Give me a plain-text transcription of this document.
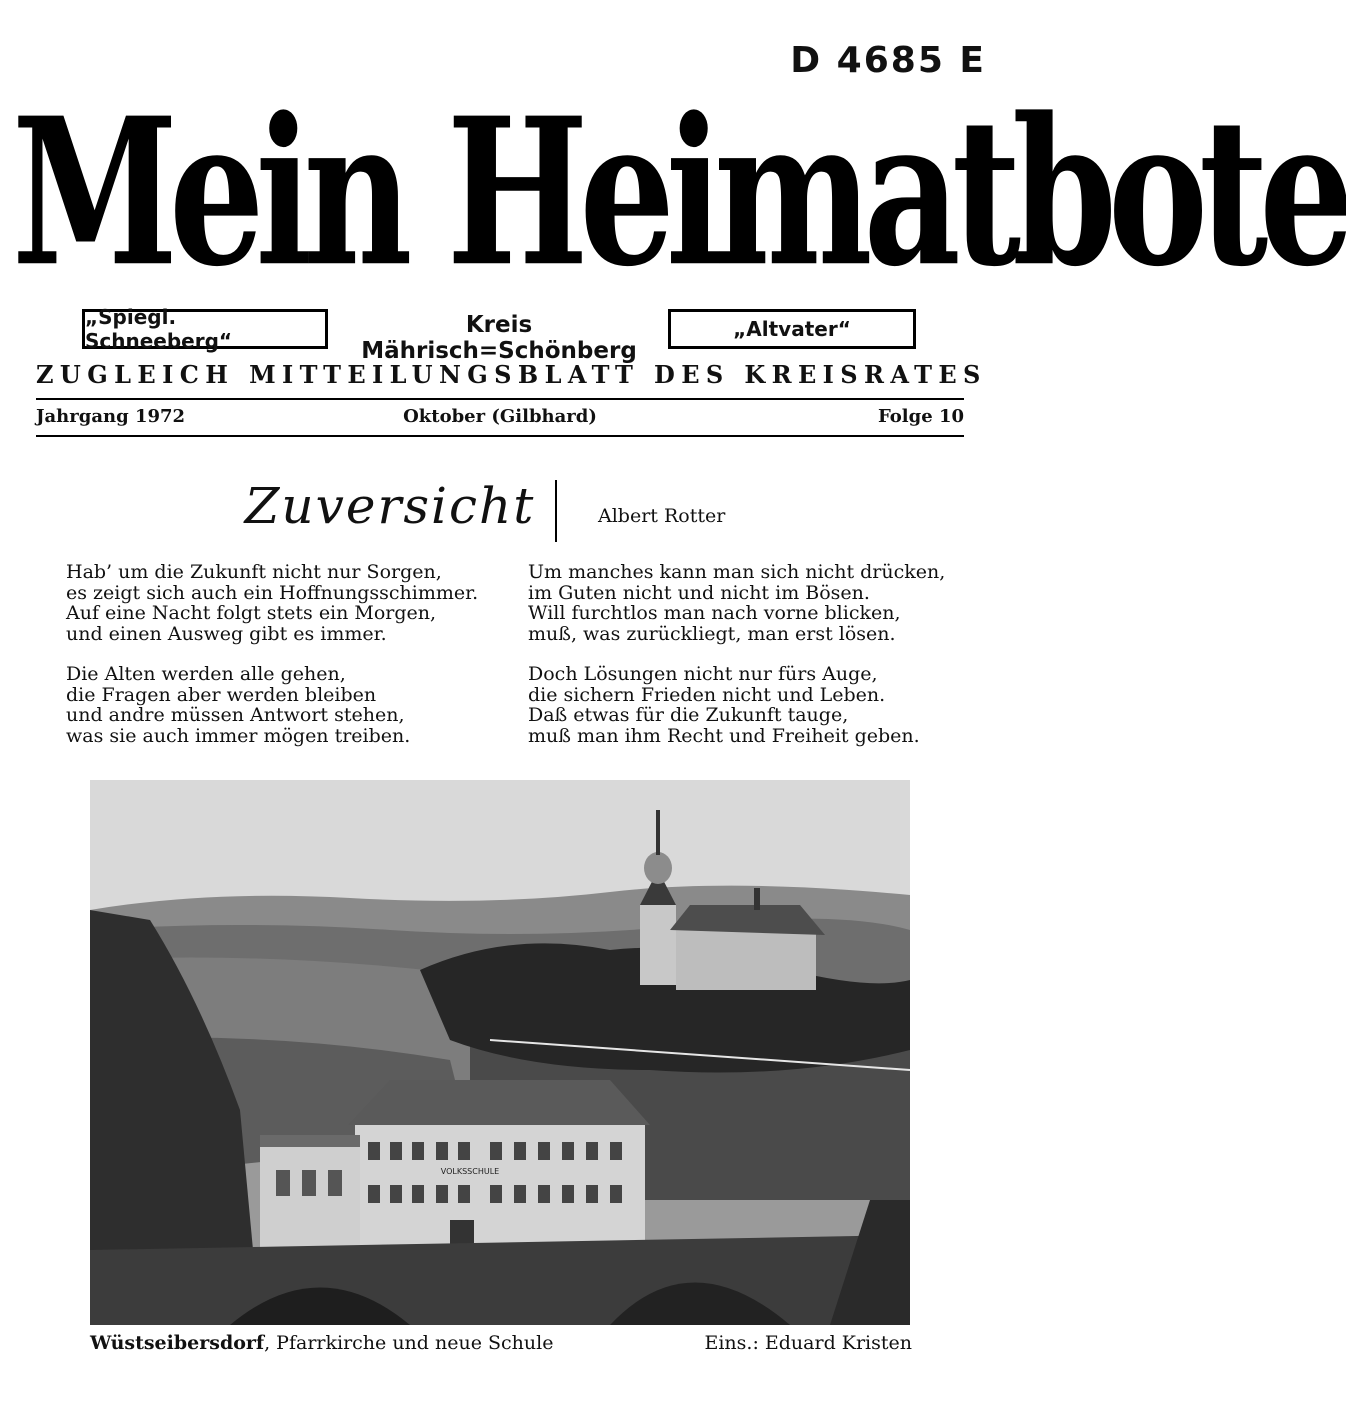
D 4685 E
Mein Heimatbote
„Spiegl. Schneeberg“
Kreis Mährisch=Schönberg
„Altvater“
ZUGLEICH MITTEILUNGSBLATT DES KREISRATES
Jahrgang 1972	Oktober (Gilbhard)	Folge 10
Zuversicht	Albert Rotter
Hab’ um die Zukunft nicht nur Sorgen,
es zeigt sich auch ein Hoffnungsschimmer.
Auf eine Nacht folgt stets ein Morgen,
und einen Ausweg gibt es immer.
Die Alten werden alle gehen,
die Fragen aber werden bleiben
und andre müssen Antwort stehen,
was sie auch immer mögen treiben.
Um manches kann man sich nicht drücken,
im Guten nicht und nicht im Bösen.
Will furchtlos man nach vorne blicken,
muß, was zurückliegt, man erst lösen.
Doch Lösungen nicht nur fürs Auge,
die sichern Frieden nicht und Leben.
Daß etwas für die Zukunft tauge,
muß man ihm Recht und Freiheit geben.
VOLKSSCHULE
Wüstseibersdorf, Pfarrkirche und neue Schule	Eins.: Eduard Kristen
